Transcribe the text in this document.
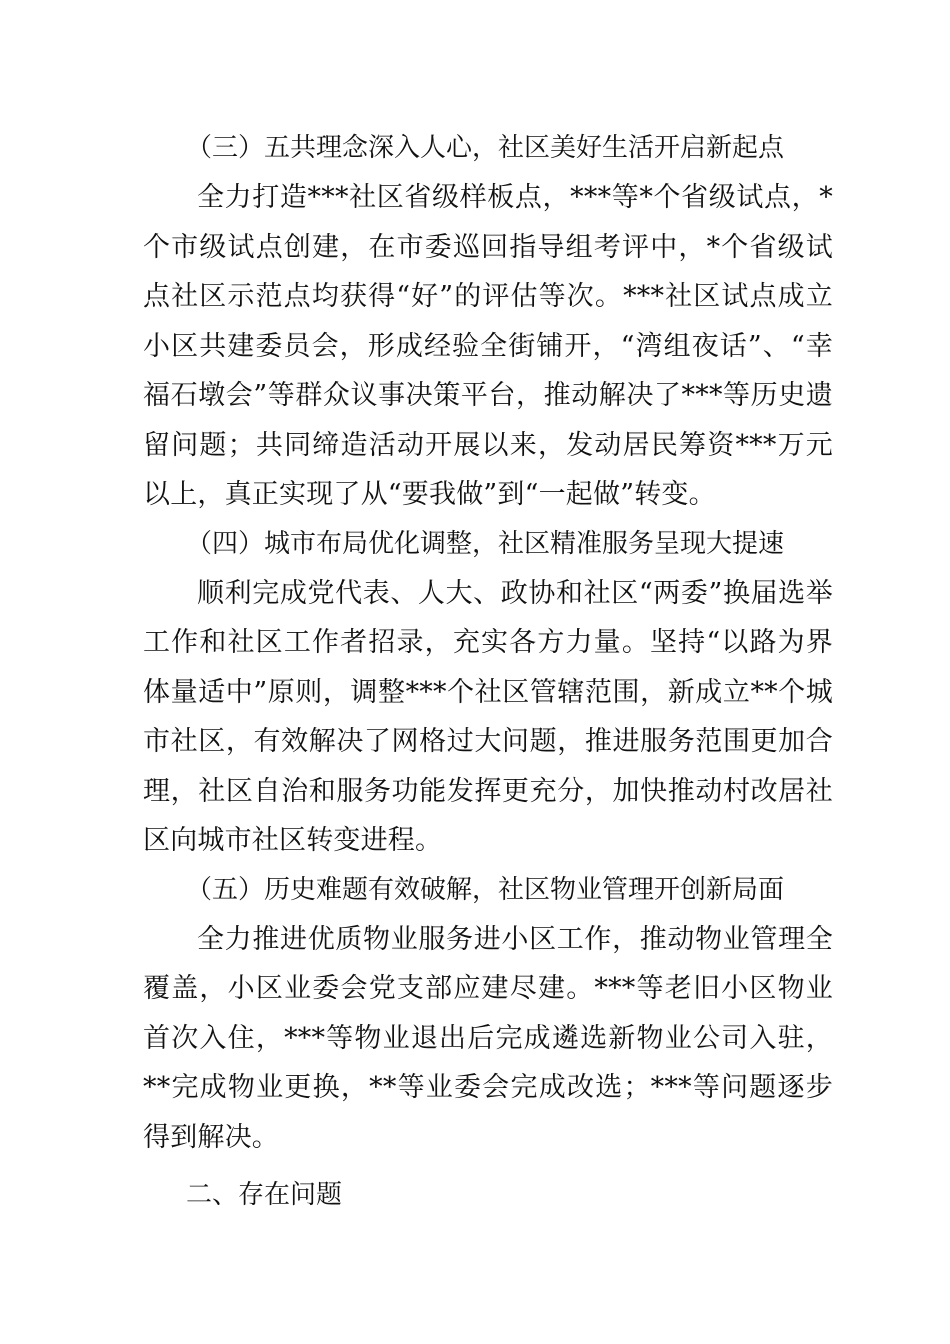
（三）五共理念深入人心，社区美好生活开启新起点

全力打造***社区省级样板点，***等*个省级试点，*个市级试点创建，在市委巡回指导组考评中，*个省级试点社区示范点均获得“好”的评估等次。***社区试点成立小区共建委员会，形成经验全街铺开，“湾组夜话”、“幸福石墩会”等群众议事决策平台，推动解决了***等历史遗留问题；共同缔造活动开展以来，发动居民筹资***万元以上，真正实现了从“要我做”到“一起做”转变。

（四）城市布局优化调整，社区精准服务呈现大提速

顺利完成党代表、人大、政协和社区“两委”换届选举工作和社区工作者招录，充实各方力量。坚持“以路为界体量适中”原则，调整***个社区管辖范围，新成立**个城市社区，有效解决了网格过大问题，推进服务范围更加合理，社区自治和服务功能发挥更充分，加快推动村改居社区向城市社区转变进程。

（五）历史难题有效破解，社区物业管理开创新局面

全力推进优质物业服务进小区工作，推动物业管理全覆盖，小区业委会党支部应建尽建。***等老旧小区物业首次入住，***等物业退出后完成遴选新物业公司入驻，**完成物业更换，**等业委会完成改选；***等问题逐步得到解决。

二、存在问题
